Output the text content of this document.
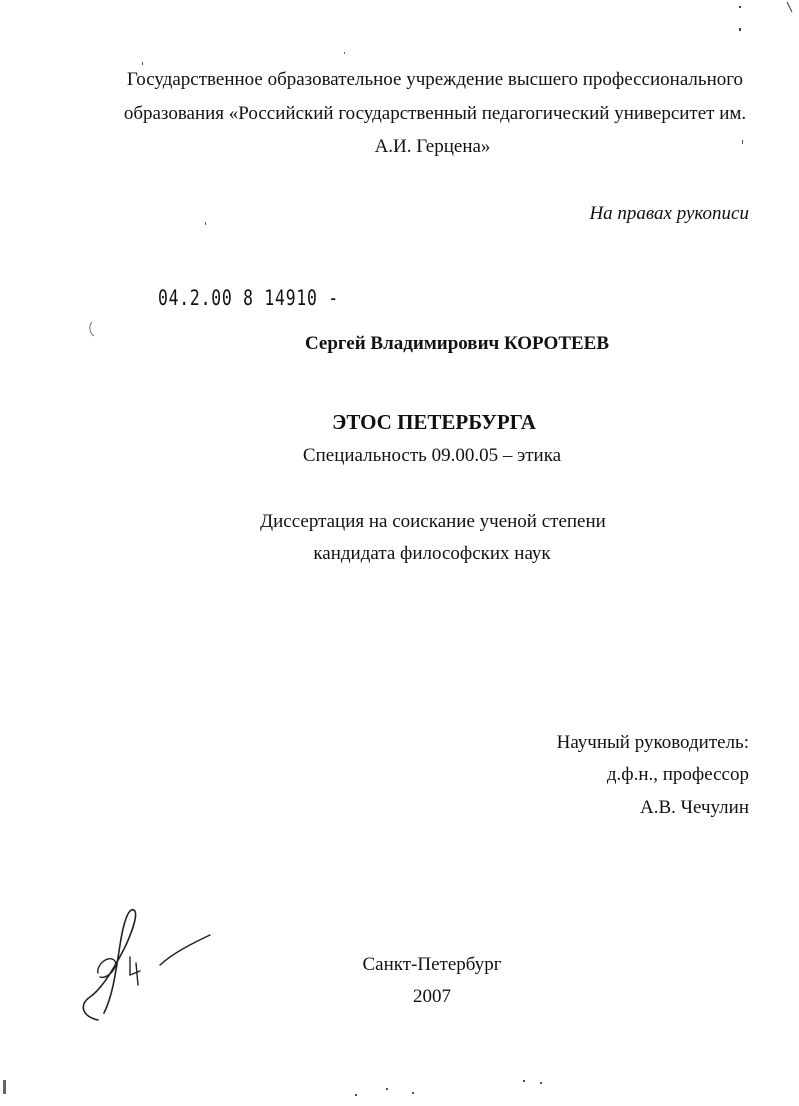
Государственное образовательное учреждение высшего профессионального
образования «Российский государственный педагогический университет им.
А.И. Герцена»
На правах рукописи
04.2.00 8 14910 -
Сергей Владимирович КОРОТЕЕВ
ЭТОС ПЕТЕРБУРГА
Специальность 09.00.05 – этика
Диссертация на соискание ученой степени
кандидата философских наук
Научный руководитель:
д.ф.н., профессор
А.В. Чечулин
Санкт-Петербург
2007
